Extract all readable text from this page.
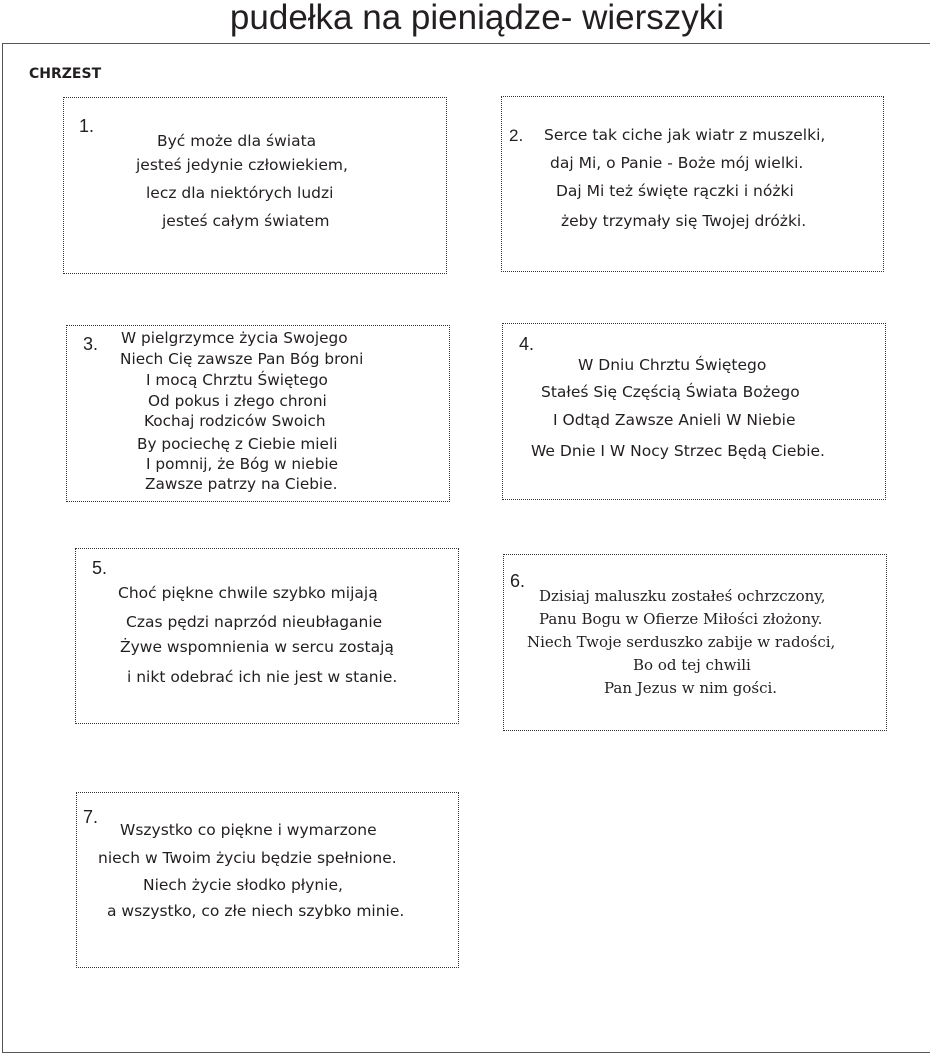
pudełka na pieniądze- wierszyki
CHRZEST
1.
Być może dla świata
jesteś jedynie człowiekiem,
lecz dla niektórych ludzi
jesteś całym światem
2. Serce tak ciche jak wiatr z muszelki,
daj Mi, o Panie - Boże mój wielki.
Daj Mi też święte rączki i nóżki
żeby trzymały się Twojej dróżki.
3. W pielgrzymce życia Swojego
Niech Cię zawsze Pan Bóg broni
I mocą Chrztu Świętego
Od pokus i złego chroni
Kochaj rodziców Swoich
By pociechę z Ciebie mieli
I pomnij, że Bóg w niebie
Zawsze patrzy na Ciebie.
4.
W Dniu Chrztu Świętego
Stałeś Się Częścią Świata Bożego
I Odtąd Zawsze Anieli W Niebie
We Dnie I W Nocy Strzec Będą Ciebie.
5.
Choć piękne chwile szybko mijają
Czas pędzi naprzód nieubłaganie
Żywe wspomnienia w sercu zostają
i nikt odebrać ich nie jest w stanie.
6.
Dzisiaj maluszku zostałeś ochrzczony,
Panu Bogu w Ofierze Miłości złożony.
Niech Twoje serduszko zabije w radości,
Bo od tej chwili
Pan Jezus w nim gości.
7.
Wszystko co piękne i wymarzone
niech w Twoim życiu będzie spełnione.
Niech życie słodko płynie,
a wszystko, co złe niech szybko minie.
